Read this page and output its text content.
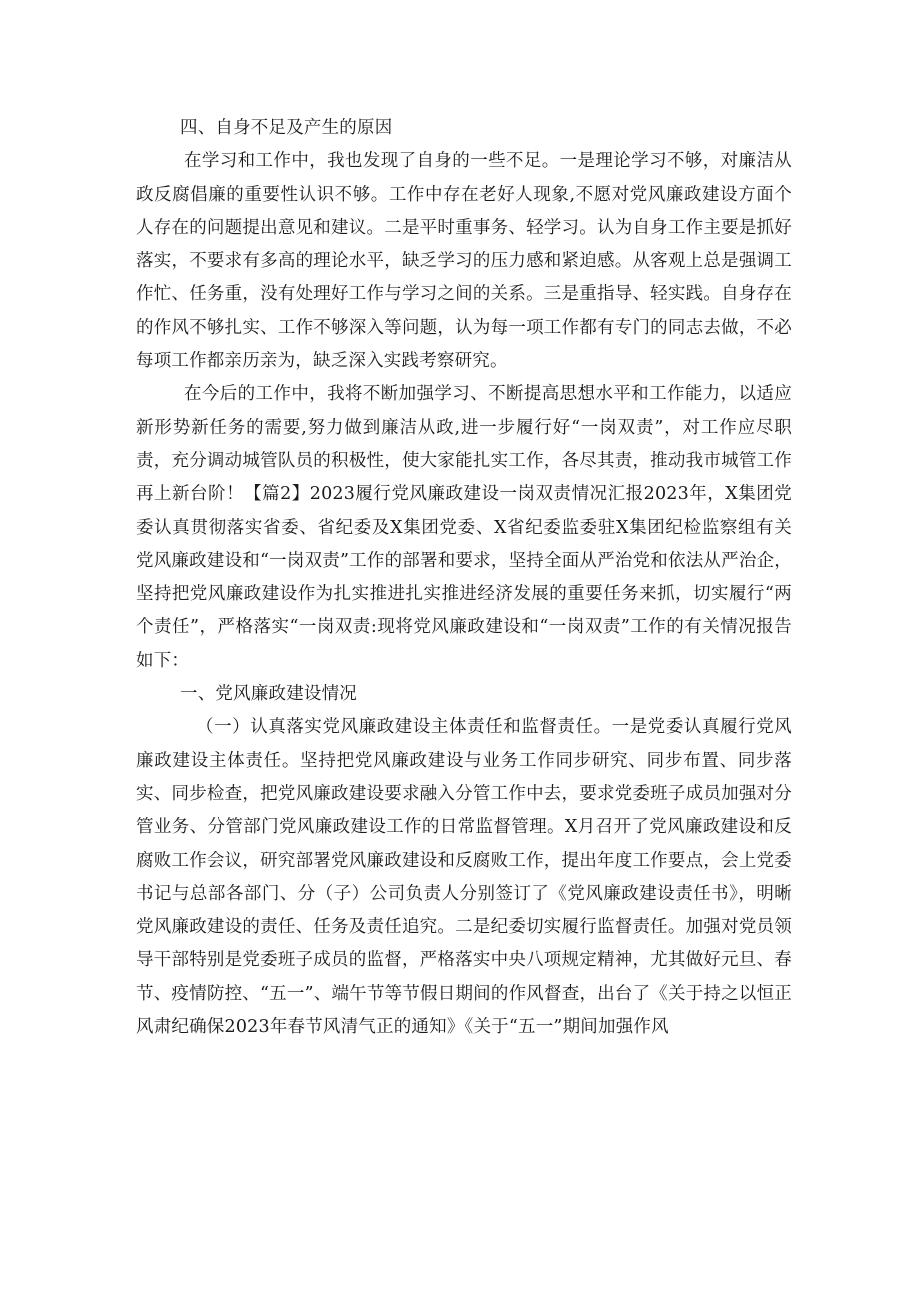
四、自身不足及产生的原因

在学习和工作中，我也发现了自身的一些不足。一是理论学习不够，对廉洁从政反腐倡廉的重要性认识不够。工作中存在老好人现象,不愿对党风廉政建设方面个人存在的问题提出意见和建议。二是平时重事务、轻学习。认为自身工作主要是抓好落实，不要求有多高的理论水平，缺乏学习的压力感和紧迫感。从客观上总是强调工作忙、任务重，没有处理好工作与学习之间的关系。三是重指导、轻实践。自身存在的作风不够扎实、工作不够深入等问题，认为每一项工作都有专门的同志去做，不必每项工作都亲历亲为，缺乏深入实践考察研究。

在今后的工作中，我将不断加强学习、不断提高思想水平和工作能力，以适应新形势新任务的需要,努力做到廉洁从政,进一步履行好“一岗双责”，对工作应尽职责，充分调动城管队员的积极性，使大家能扎实工作，各尽其责，推动我市城管工作再上新台阶！【篇2】2023履行党风廉政建设一岗双责情况汇报2023年，X集团党委认真贯彻落实省委、省纪委及X集团党委、X省纪委监委驻X集团纪检监察组有关党风廉政建设和“一岗双责”工作的部署和要求，坚持全面从严治党和依法从严治企，坚持把党风廉政建设作为扎实推进扎实推进经济发展的重要任务来抓，切实履行“两个责任”，严格落实“一岗双责:现将党风廉政建设和“一岗双责”工作的有关情况报告如下：

一、党风廉政建设情况

（一）认真落实党风廉政建设主体责任和监督责任。一是党委认真履行党风廉政建设主体责任。坚持把党风廉政建设与业务工作同步研究、同步布置、同步落实、同步检查，把党风廉政建设要求融入分管工作中去，要求党委班子成员加强对分管业务、分管部门党风廉政建设工作的日常监督管理。X月召开了党风廉政建设和反腐败工作会议，研究部署党风廉政建设和反腐败工作，提出年度工作要点，会上党委书记与总部各部门、分（子）公司负责人分别签订了《党风廉政建设责任书》，明晰党风廉政建设的责任、任务及责任追究。二是纪委切实履行监督责任。加强对党员领导干部特别是党委班子成员的监督，严格落实中央八项规定精神，尤其做好元旦、春节、疫情防控、“五一”、端午节等节假日期间的作风督查，出台了《关于持之以恒正风肃纪确保2023年春节风清气正的通知》《关于“五一”期间加强作风
